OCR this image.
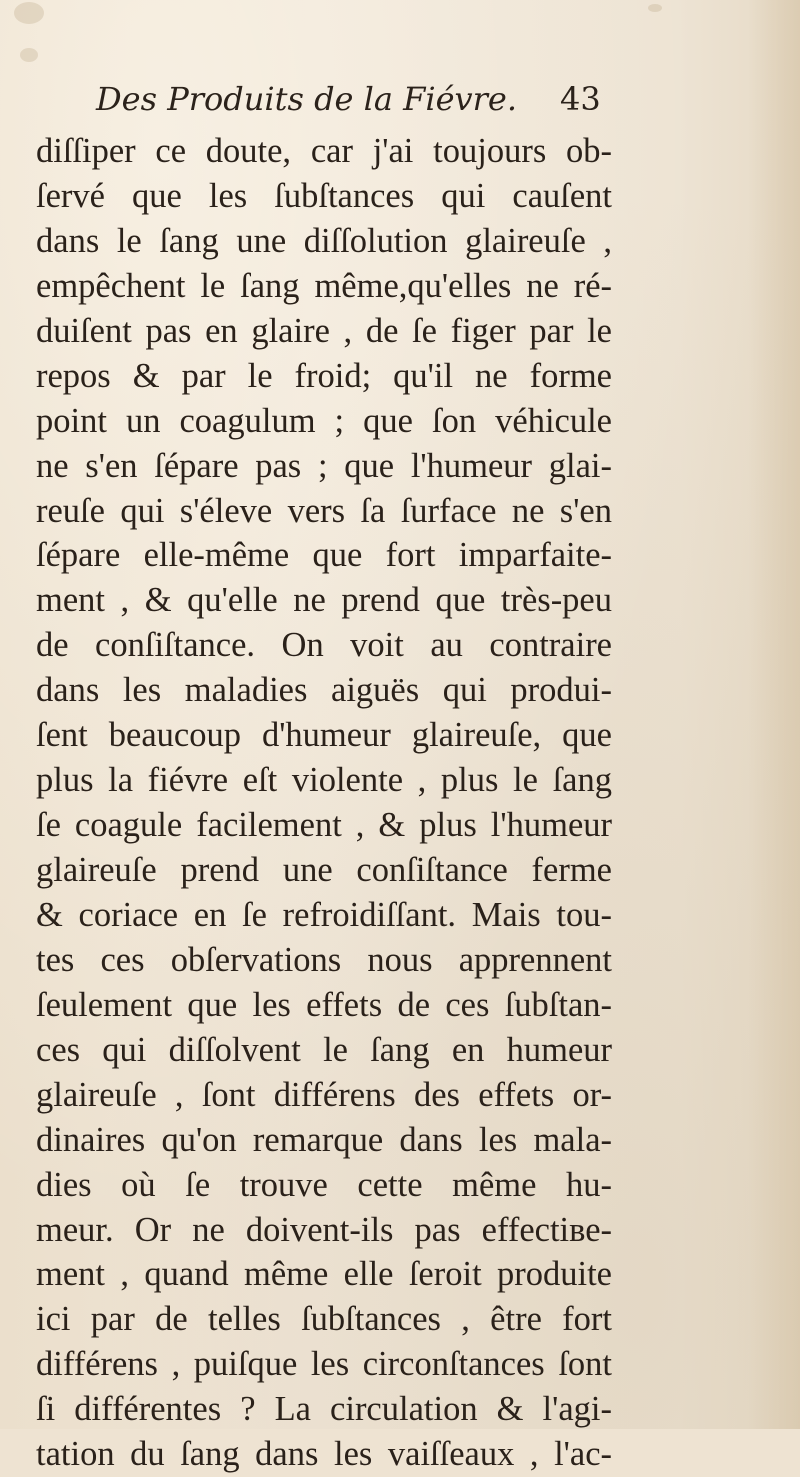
Des Produits de la Fiévre. 43
diſſiper ce doute, car j'ai toujours ob-
ſervé que les ſubſtances qui cauſent
dans le ſang une diſſolution glaireuſe ,
empêchent le ſang même,qu'elles ne ré-
duiſent pas en glaire , de ſe figer par le
repos & par le froid; qu'il ne forme
point un coagulum ; que ſon véhicule
ne s'en ſépare pas ; que l'humeur glai-
reuſe qui s'éleve vers ſa ſurface ne s'en
ſépare elle-même que fort imparfaite-
ment , & qu'elle ne prend que très-peu
de conſiſtance. On voit au contraire
dans les maladies aiguës qui produi-
ſent beaucoup d'humeur glaireuſe, que
plus la fiévre eſt violente , plus le ſang
ſe coagule facilement , & plus l'humeur
glaireuſe prend une conſiſtance ferme
& coriace en ſe refroidiſſant. Mais tou-
tes ces obſervations nous apprennent
ſeulement que les effets de ces ſubſtan-
ces qui diſſolvent le ſang en humeur
glaireuſe , ſont différens des effets or-
dinaires qu'on remarque dans les mala-
dies où ſe trouve cette même hu-
meur. Or ne doivent-ils pas effectiве-
ment , quand même elle ſeroit produite
ici par de telles ſubſtances , être fort
différens , puiſque les circonſtances ſont
ſi différentes ? La circulation & l'agi-
tation du ſang dans les vaiſſeaux , l'ac-
